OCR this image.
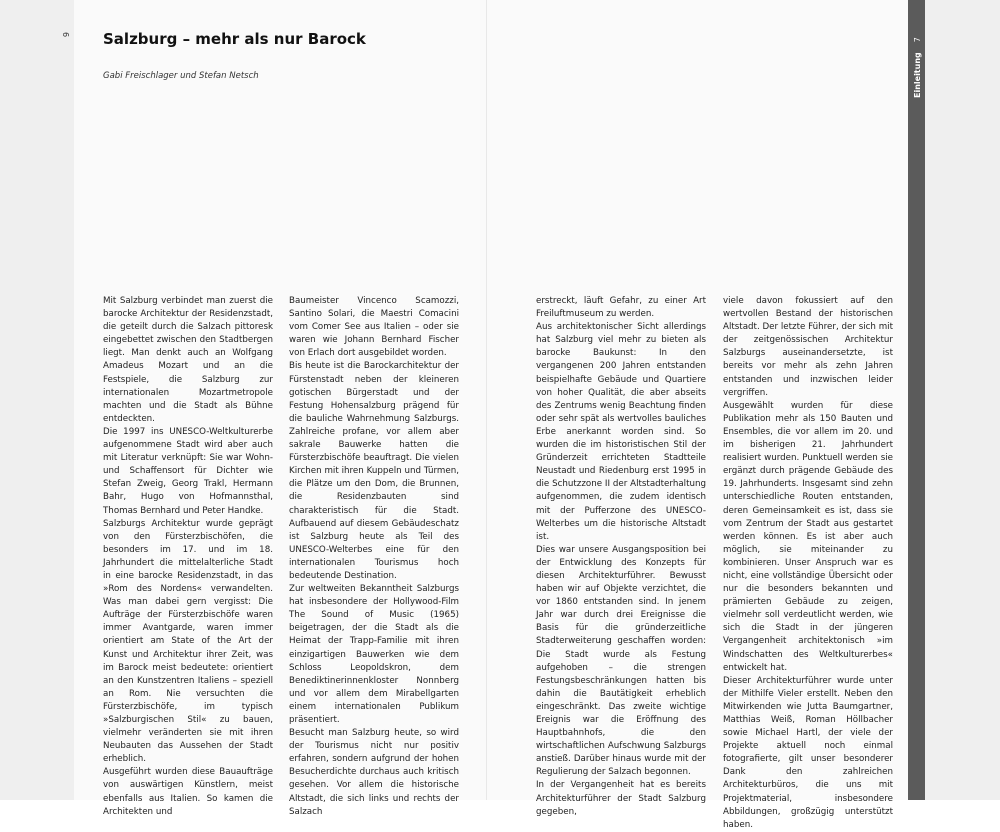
6
Einleitung
7
Salzburg – mehr als nur Barock
Gabi Freischlager und Stefan Netsch

Mit Salzburg verbindet man zuerst die barocke Architektur der Residenzstadt, die geteilt durch die Salzach pittoresk eingebettet zwischen den Stadtbergen liegt. Man denkt auch an Wolfgang Amadeus Mozart und an die Festspiele, die Salzburg zur internationalen Mozartmetropole machten und die Stadt als Bühne entdeckten.

Die 1997 ins UNESCO-Weltkulturerbe aufgenommene Stadt wird aber auch mit Literatur verknüpft: Sie war Wohn- und Schaffensort für Dichter wie Stefan Zweig, Georg Trakl, Hermann Bahr, Hugo von Hofmannsthal, Thomas Bernhard und Peter Handke.

Salzburgs Architektur wurde geprägt von den Fürsterzbischöfen, die besonders im 17. und im 18. Jahrhundert die mittelalterliche Stadt in eine barocke Residenzstadt, in das »Rom des Nordens« verwandelten. Was man dabei gern vergisst: Die Aufträge der Fürsterzbischöfe waren immer Avantgarde, waren immer orientiert am State of the Art der Kunst und Architektur ihrer Zeit, was im Barock meist bedeutete: orientiert an den Kunstzentren Italiens – speziell an Rom. Nie versuchten die Fürsterzbischöfe, im typisch »Salzburgischen Stil« zu bauen, vielmehr veränderten sie mit ihren Neubauten das Aussehen der Stadt erheblich.

Ausgeführt wurden diese Bauaufträge von auswärtigen Künstlern, meist ebenfalls aus Italien. So kamen die Architekten und

Baumeister Vincenco Scamozzi, Santino Solari, die Maestri Comacini vom Comer See aus Italien – oder sie waren wie Johann Bernhard Fischer von Erlach dort ausgebildet worden.

Bis heute ist die Barockarchitektur der Fürstenstadt neben der kleineren gotischen Bürgerstadt und der Festung Hohensalzburg prägend für die bauliche Wahrnehmung Salzburgs. Zahlreiche profane, vor allem aber sakrale Bauwerke hatten die Fürsterzbischöfe beauftragt. Die vielen Kirchen mit ihren Kuppeln und Türmen, die Plätze um den Dom, die Brunnen, die Residenzbauten sind charakteristisch für die Stadt. Aufbauend auf diesem Gebäudeschatz ist Salzburg heute als Teil des UNESCO-Welterbes eine für den internationalen Tourismus hoch bedeutende Destination.

Zur weltweiten Bekanntheit Salzburgs hat insbesondere der Hollywood-Film The Sound of Music (1965) beigetragen, der die Stadt als die Heimat der Trapp-Familie mit ihren einzigartigen Bauwerken wie dem Schloss Leopoldskron, dem Benediktinerinnenkloster Nonnberg und vor allem dem Mirabellgarten einem internationalen Publikum präsentiert.

Besucht man Salzburg heute, so wird der Tourismus nicht nur positiv erfahren, sondern aufgrund der hohen Besucherdichte durchaus auch kritisch gesehen. Vor allem die historische Altstadt, die sich links und rechts der Salzach

erstreckt, läuft Gefahr, zu einer Art Freiluftmuseum zu werden.

Aus architektonischer Sicht allerdings hat Salzburg viel mehr zu bieten als barocke Baukunst: In den vergangenen 200 Jahren entstanden beispielhafte Gebäude und Quartiere von hoher Qualität, die aber abseits des Zentrums wenig Beachtung finden oder sehr spät als wertvolles bauliches Erbe anerkannt worden sind. So wurden die im historistischen Stil der Gründerzeit errichteten Stadtteile Neustadt und Riedenburg erst 1995 in die Schutzzone II der Altstadterhaltung aufgenommen, die zudem identisch mit der Pufferzone des UNESCO-Welterbes um die historische Altstadt ist.

Dies war unsere Ausgangsposition bei der Entwicklung des Konzepts für diesen Architekturführer. Bewusst haben wir auf Objekte verzichtet, die vor 1860 entstanden sind. In jenem Jahr war durch drei Ereignisse die Basis für die gründerzeitliche Stadterweiterung geschaffen worden: Die Stadt wurde als Festung aufgehoben – die strengen Festungsbeschränkungen hatten bis dahin die Bautätigkeit erheblich eingeschränkt. Das zweite wichtige Ereignis war die Eröffnung des Hauptbahnhofs, die den wirtschaftlichen Aufschwung Salzburgs anstieß. Darüber hinaus wurde mit der Regulierung der Salzach begonnen.

In der Vergangenheit hat es bereits Architekturführer der Stadt Salzburg gegeben,

viele davon fokussiert auf den wertvollen Bestand der historischen Altstadt. Der letzte Führer, der sich mit der zeitgenössischen Architektur Salzburgs auseinandersetzte, ist bereits vor mehr als zehn Jahren entstanden und inzwischen leider vergriffen.

Ausgewählt wurden für diese Publikation mehr als 150 Bauten und Ensembles, die vor allem im 20. und im bisherigen 21. Jahrhundert realisiert wurden. Punktuell werden sie ergänzt durch prägende Gebäude des 19. Jahrhunderts. Insgesamt sind zehn unterschiedliche Routen entstanden, deren Gemeinsamkeit es ist, dass sie vom Zentrum der Stadt aus gestartet werden können. Es ist aber auch möglich, sie miteinander zu kombinieren. Unser Anspruch war es nicht, eine vollständige Übersicht oder nur die besonders bekannten und prämierten Gebäude zu zeigen, vielmehr soll verdeutlicht werden, wie sich die Stadt in der jüngeren Vergangenheit architektonisch »im Windschatten des Weltkulturerbes« entwickelt hat.

Dieser Architekturführer wurde unter der Mithilfe Vieler erstellt. Neben den Mitwirkenden wie Jutta Baumgartner, Matthias Weiß, Roman Höllbacher sowie Michael Hartl, der viele der Projekte aktuell noch einmal fotografierte, gilt unser besonderer Dank den zahlreichen Architekturbüros, die uns mit Projektmaterial, insbesondere Abbildungen, großzügig unterstützt haben.
